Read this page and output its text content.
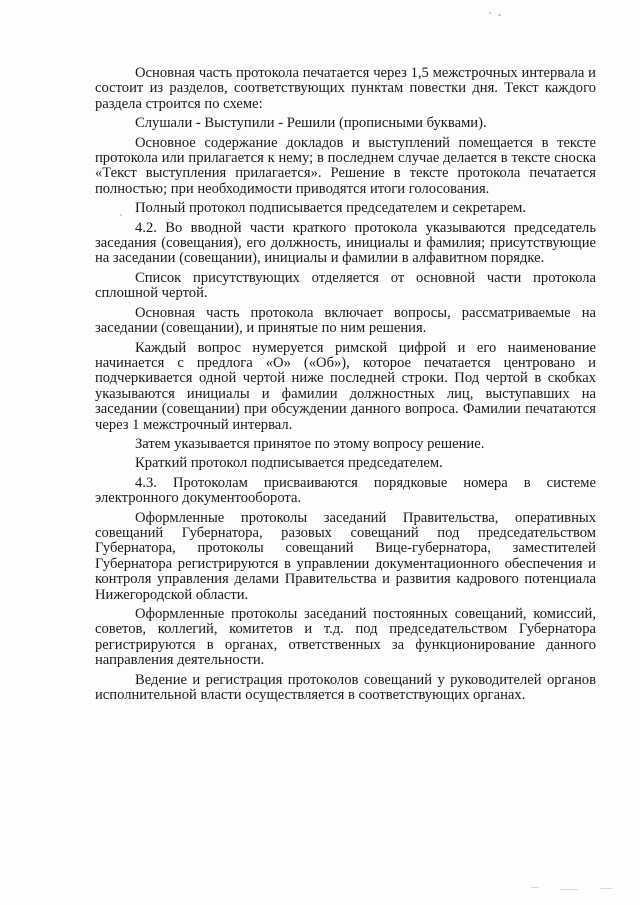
Основная часть протокола печатается через 1,5 межстрочных интервала и состоит из разделов, соответствующих пунктам повестки дня. Текст каждого раздела строится по схеме:

Слушали - Выступили - Решили (прописными буквами).

Основное содержание докладов и выступлений помещается в тексте протокола или прилагается к нему; в последнем случае делается в тексте сноска «Текст выступления прилагается». Решение в тексте протокола печатается полностью; при необходимости приводятся итоги голосования.

Полный протокол подписывается председателем и секретарем.

4.2. Во вводной части краткого протокола указываются председатель заседания (совещания), его должность, инициалы и фамилия; присутствующие на заседании (совещании), инициалы и фамилии в алфавитном порядке.

Список присутствующих отделяется от основной части протокола сплошной чертой.

Основная часть протокола включает вопросы, рассматриваемые на заседании (совещании), и принятые по ним решения.

Каждый вопрос нумеруется римской цифрой и его наименование начинается с предлога «О» («Об»), которое печатается центровано и подчеркивается одной чертой ниже последней строки. Под чертой в скобках указываются инициалы и фамилии должностных лиц, выступавших на заседании (совещании) при обсуждении данного вопроса. Фамилии печатаются через 1 межстрочный интервал.

Затем указывается принятое по этому вопросу решение.

Краткий протокол подписывается председателем.

4.3. Протоколам присваиваются порядковые номера в системе электронного документооборота.

Оформленные протоколы заседаний Правительства, оперативных совещаний Губернатора, разовых совещаний под председательством Губернатора, протоколы совещаний Вице-губернатора, заместителей Губернатора регистрируются в управлении документационного обеспечения и контроля управления делами Правительства и развития кадрового потенциала Нижегородской области.

Оформленные протоколы заседаний постоянных совещаний, комиссий, советов, коллегий, комитетов и т.д. под председательством Губернатора регистрируются в органах, ответственных за функционирование данного направления деятельности.

Ведение и регистрация протоколов совещаний у руководителей органов исполнительной власти осуществляется в соответствующих органах.
